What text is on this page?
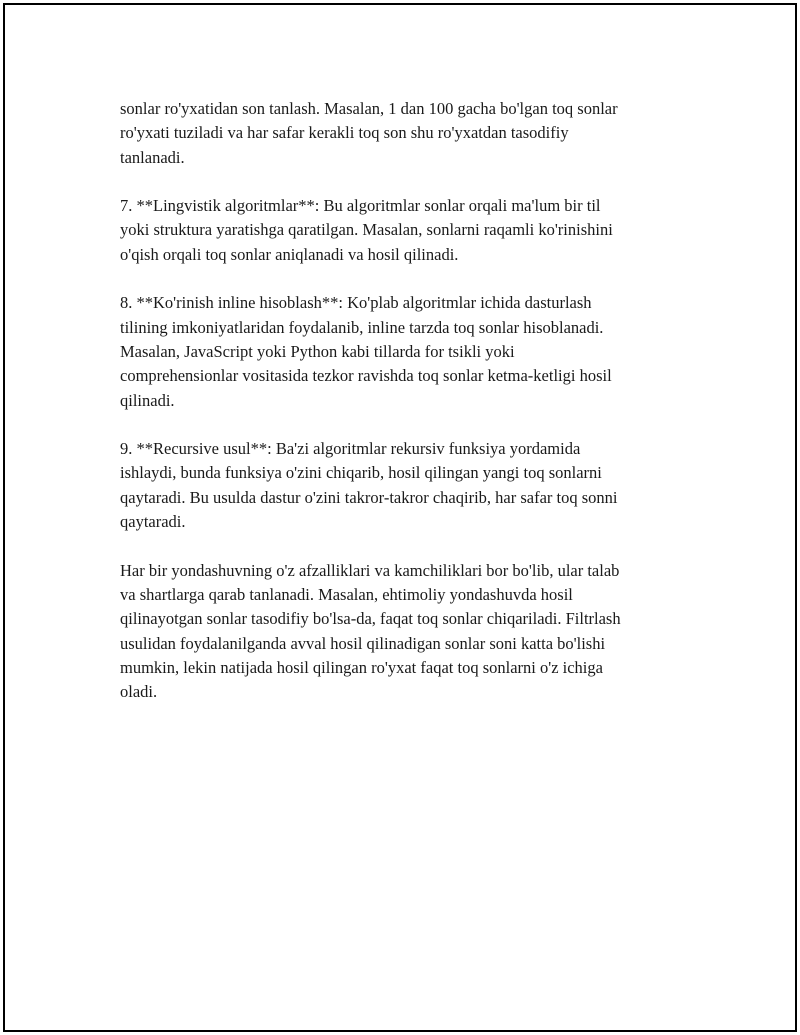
sonlar ro'yxatidan son tanlash. Masalan, 1 dan 100 gacha bo'lgan toq sonlar
ro'yxati tuziladi va har safar kerakli toq son shu ro'yxatdan tasodifiy
tanlanadi.

7. **Lingvistik algoritmlar**: Bu algoritmlar sonlar orqali ma'lum bir til
yoki struktura yaratishga qaratilgan. Masalan, sonlarni raqamli ko'rinishini
o'qish orqali toq sonlar aniqlanadi va hosil qilinadi.

8. **Ko'rinish inline hisoblash**: Ko'plab algoritmlar ichida dasturlash
tilining imkoniyatlaridan foydalanib, inline tarzda toq sonlar hisoblanadi.
Masalan, JavaScript yoki Python kabi tillarda for tsikli yoki
comprehensionlar vositasida tezkor ravishda toq sonlar ketma-ketligi hosil
qilinadi.

9. **Recursive usul**: Ba'zi algoritmlar rekursiv funksiya yordamida
ishlaydi, bunda funksiya o'zini chiqarib, hosil qilingan yangi toq sonlarni
qaytaradi. Bu usulda dastur o'zini takror-takror chaqirib, har safar toq sonni
qaytaradi.

Har bir yondashuvning o'z afzalliklari va kamchiliklari bor bo'lib, ular talab
va shartlarga qarab tanlanadi. Masalan, ehtimoliy yondashuvda hosil
qilinayotgan sonlar tasodifiy bo'lsa-da, faqat toq sonlar chiqariladi. Filtrlash
usulidan foydalanilganda avval hosil qilinadigan sonlar soni katta bo'lishi
mumkin, lekin natijada hosil qilingan ro'yxat faqat toq sonlarni o'z ichiga
oladi.
